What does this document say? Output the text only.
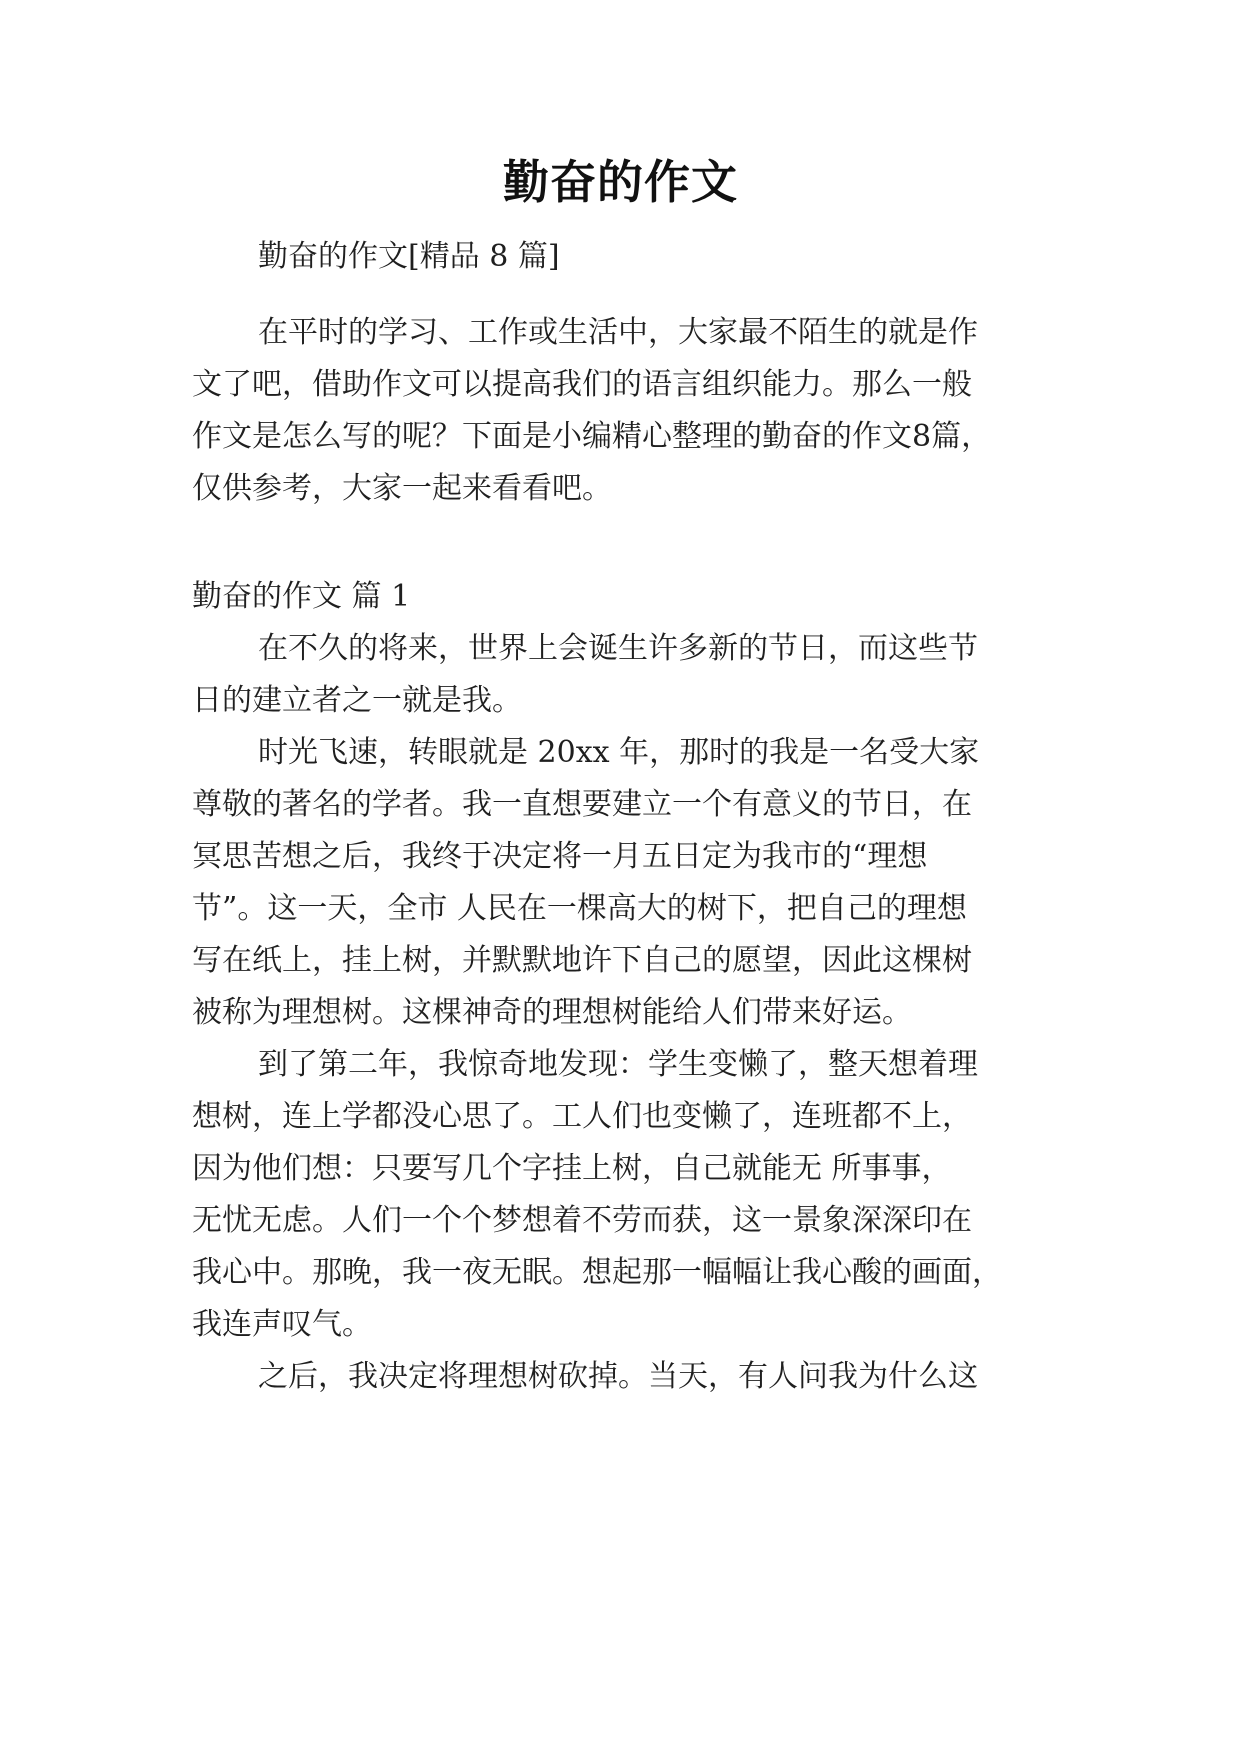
勤奋的作文
勤奋的作文[精品 8 篇]
在平时的学习、工作或生活中，大家最不陌生的就是作
文了吧，借助作文可以提高我们的语言组织能力。那么一般
作文是怎么写的呢？下面是小编精心整理的勤奋的作文8篇，
仅供参考，大家一起来看看吧。
勤奋的作文 篇 1
在不久的将来，世界上会诞生许多新的节日，而这些节
日的建立者之一就是我。
时光飞速，转眼就是 20xx 年，那时的我是一名受大家
尊敬的著名的学者。我一直想要建立一个有意义的节日，在
冥思苦想之后，我终于决定将一月五日定为我市的“理想
节”。这一天，全市 人民在一棵高大的树下，把自己的理想
写在纸上，挂上树，并默默地许下自己的愿望，因此这棵树
被称为理想树。这棵神奇的理想树能给人们带来好运。
到了第二年，我惊奇地发现：学生变懒了，整天想着理
想树，连上学都没心思了。工人们也变懒了，连班都不上，
因为他们想：只要写几个字挂上树，自己就能无 所事事，
无忧无虑。人们一个个梦想着不劳而获，这一景象深深印在
我心中。那晚，我一夜无眠。想起那一幅幅让我心酸的画面，
我连声叹气。
之后，我决定将理想树砍掉。当天，有人问我为什么这
